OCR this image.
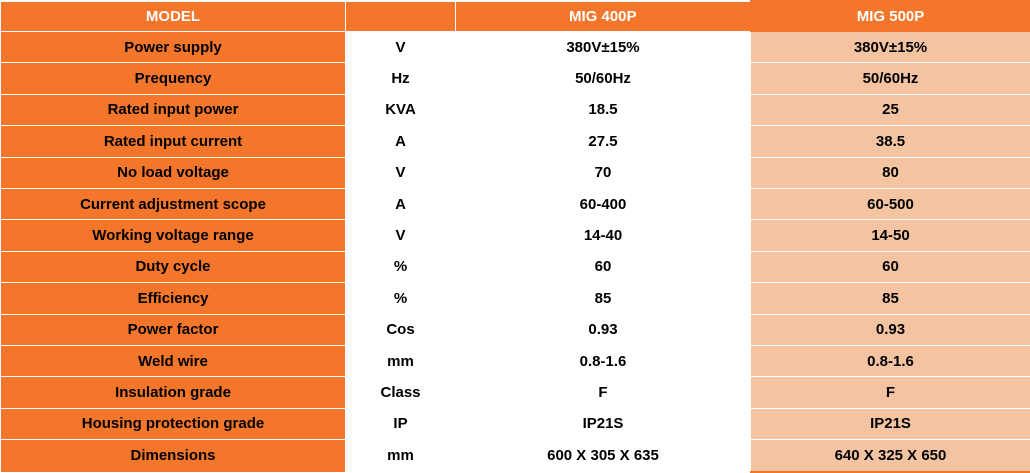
MODEL		MIG 400P	MIG 500P
Power supply	V	380V±15%	380V±15%
Prequency	Hz	50/60Hz	50/60Hz
Rated input power	KVA	18.5	25
Rated input current	A	27.5	38.5
No load voltage	V	70	80
Current adjustment scope	A	60-400	60-500
Working voltage range	V	14-40	14-50
Duty cycle	%	60	60
Efficiency	%	85	85
Power factor	Cos	0.93	0.93
Weld wire	mm	0.8-1.6	0.8-1.6
Insulation grade	Class	F	F
Housing protection grade	IP	IP21S	IP21S
Dimensions	mm	600 X 305 X 635	640 X 325 X 650
